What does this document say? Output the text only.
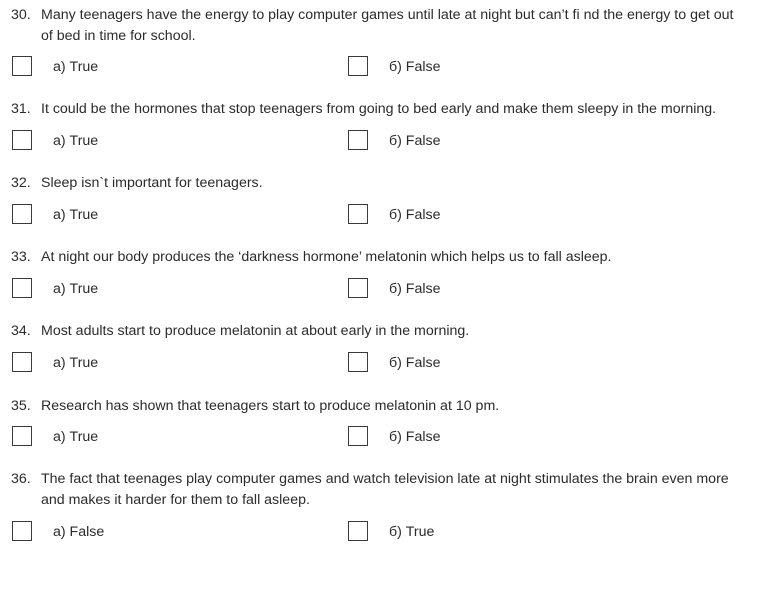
30. Many teenagers have the energy to play computer games until late at night but can’t fi nd the energy to get out of bed in time for school.
а) True	б) False
31. It could be the hormones that stop teenagers from going to bed early and make them sleepy in the morning.
а) True	б) False
32. Sleep isn`t important for teenagers.
а) True	б) False
33. At night our body produces the ‘darkness hormone’ melatonin which helps us to fall asleep.
а) True	б) False
34. Most adults start to produce melatonin at about early in the morning.
а) True	б) False
35. Research has shown that teenagers start to produce melatonin at 10 pm.
а) True	б) False
36. The fact that teenages play computer games and watch television late at night stimulates the brain even more and makes it harder for them to fall asleep.
а) False	б) True
